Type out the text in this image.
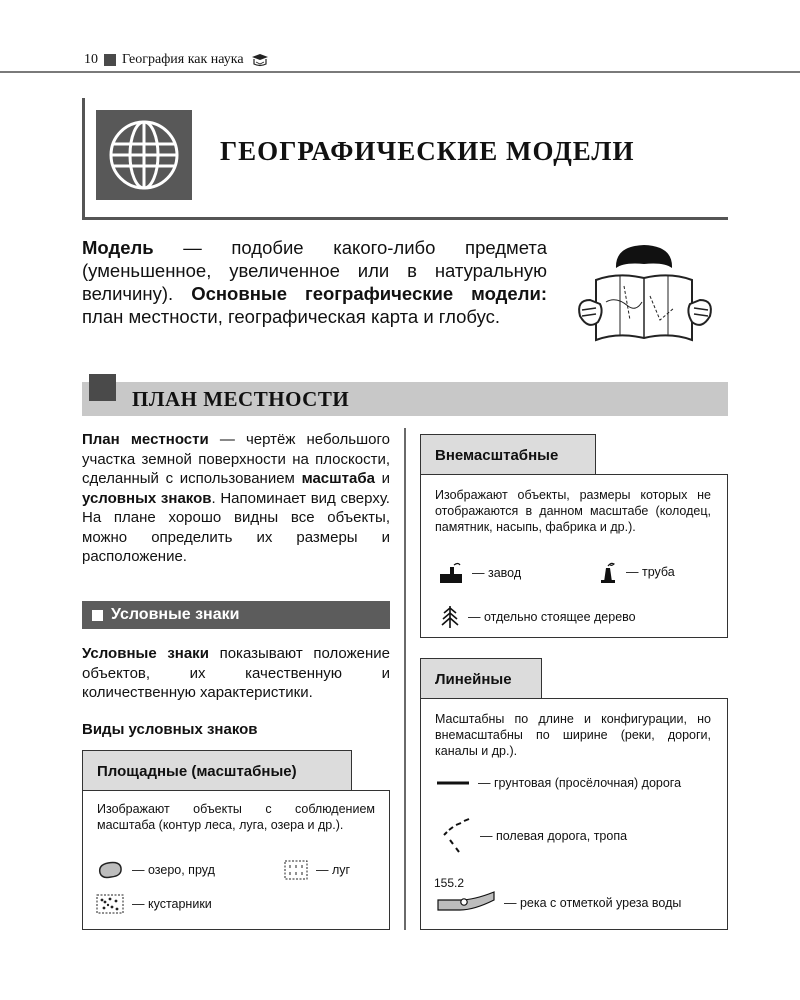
10 География как наука
ГЕОГРАФИЧЕСКИЕ МОДЕЛИ
Модель — подобие какого-либо предмета (уменьшенное, увеличенное или в натуральную величину). Основные географические модели: план местности, географическая карта и глобус.
ПЛАН МЕСТНОСТИ
План местности — чертёж небольшого участка земной поверхности на плоскости, сделанный с использованием масштаба и условных знаков. Напоминает вид сверху. На плане хорошо видны все объекты, можно определить их размеры и расположение.
Условные знаки
Условные знаки показывают положение объектов, их качественную и количественную характеристики.
Виды условных знаков
Площадные (масштабные)
Изображают объекты с соблюдением масштаба (контур леса, луга, озера и др.).
— озеро, пруд	— луг
— кустарники
Внемасштабные
Изображают объекты, размеры которых не отображаются в данном масштабе (колодец, памятник, насыпь, фабрика и др.).
— завод	— труба
— отдельно стоящее дерево
Линейные
Масштабны по длине и конфигурации, но внемасштабны по ширине (реки, дороги, каналы и др.).
— грунтовая (просёлочная) дорога
— полевая дорога, тропа
155.2
— река с отметкой уреза воды
